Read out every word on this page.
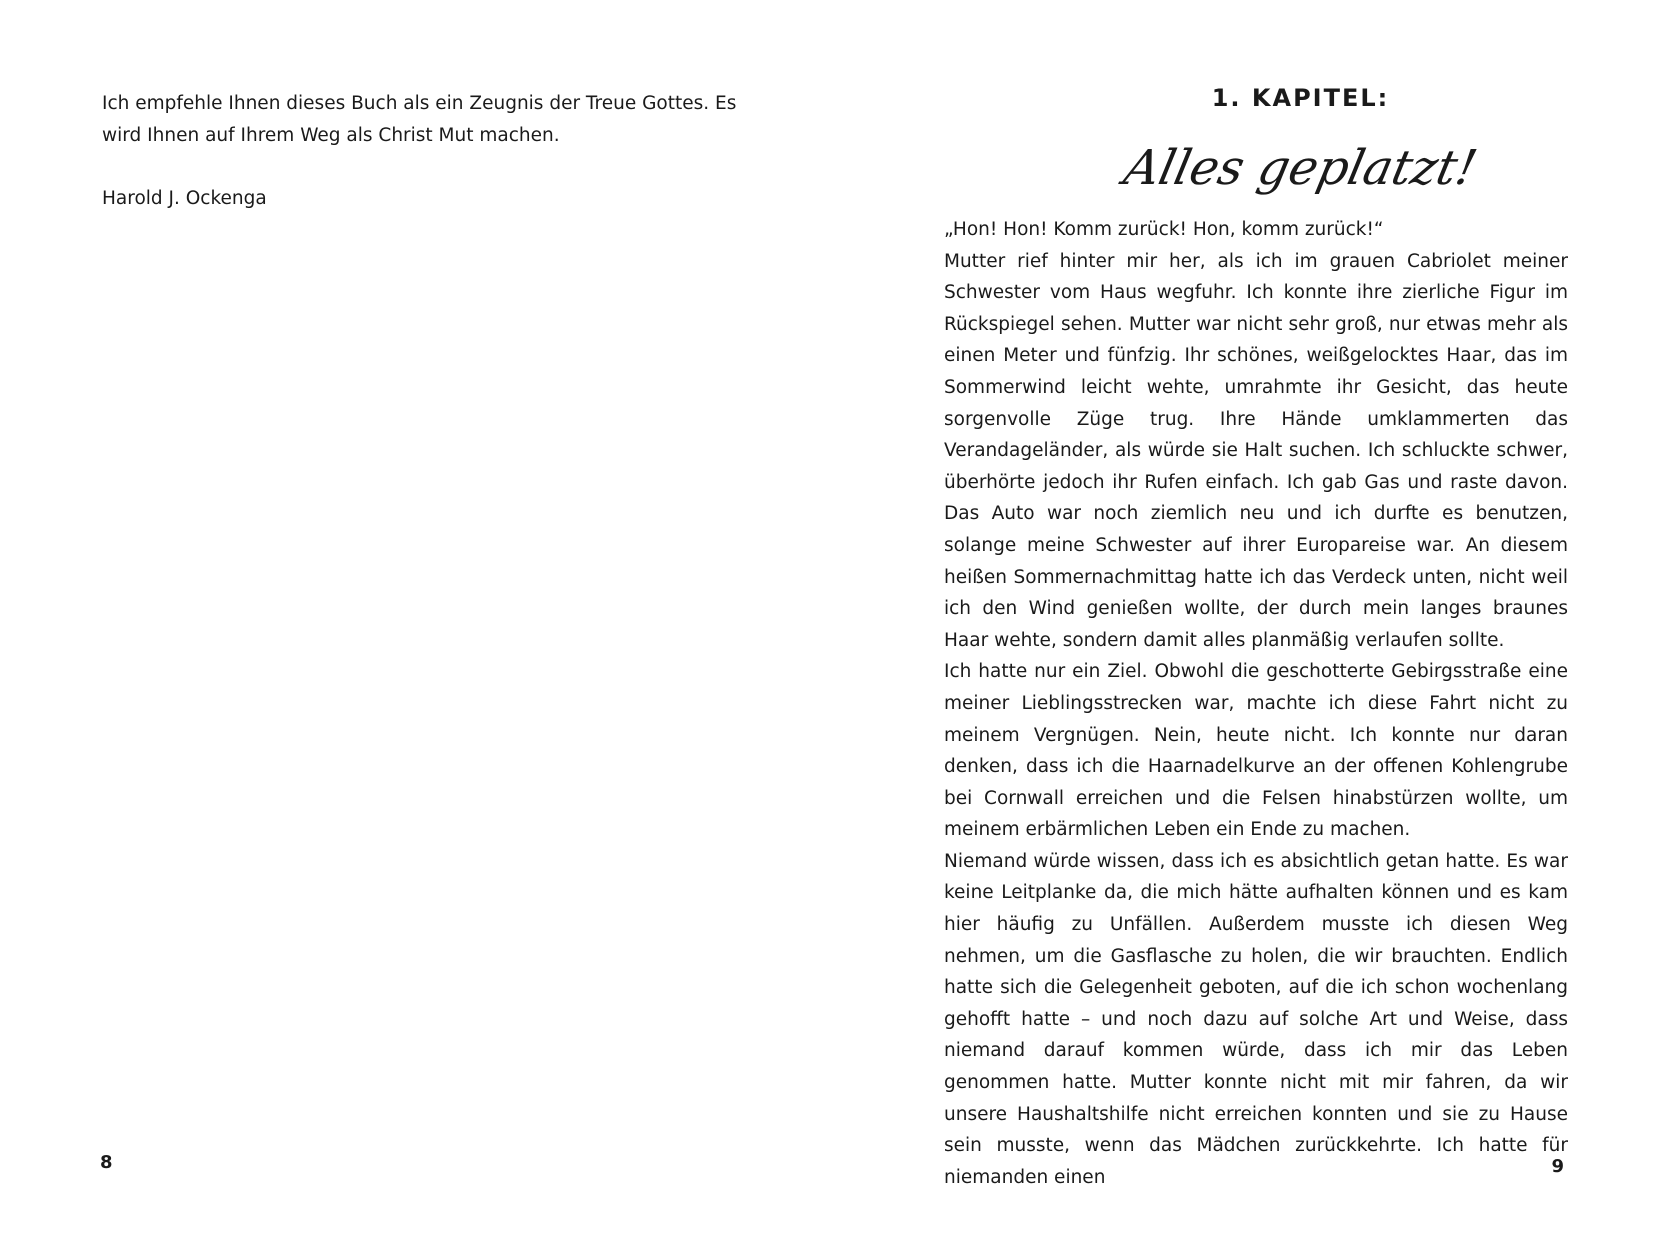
Ich empfehle Ihnen dieses Buch als ein Zeugnis der Treue Gottes. Es wird Ihnen auf Ihrem Weg als Christ Mut machen.

Harold J. Ockenga

8
1. KAPITEL:
Alles geplatzt!

„Hon! Hon! Komm zurück! Hon, komm zurück!“

Mutter rief hinter mir her, als ich im grauen Cabriolet meiner Schwester vom Haus wegfuhr. Ich konnte ihre zierliche Figur im Rückspiegel sehen. Mutter war nicht sehr groß, nur etwas mehr als einen Meter und fünfzig. Ihr schönes, weißgelocktes Haar, das im Sommerwind leicht wehte, umrahmte ihr Gesicht, das heute sorgenvolle Züge trug. Ihre Hände umklammerten das Verandageländer, als würde sie Halt suchen. Ich schluckte schwer, überhörte jedoch ihr Rufen einfach. Ich gab Gas und raste davon. Das Auto war noch ziemlich neu und ich durfte es benutzen, solange meine Schwester auf ihrer Europareise war. An diesem heißen Sommernachmittag hatte ich das Verdeck unten, nicht weil ich den Wind genießen wollte, der durch mein langes braunes Haar wehte, sondern damit alles planmäßig verlaufen sollte.

Ich hatte nur ein Ziel. Obwohl die geschotterte Gebirgsstraße eine meiner Lieblingsstrecken war, machte ich diese Fahrt nicht zu meinem Vergnügen. Nein, heute nicht. Ich konnte nur daran denken, dass ich die Haarnadelkurve an der offenen Kohlengrube bei Cornwall erreichen und die Felsen hinabstürzen wollte, um meinem erbärmlichen Leben ein Ende zu machen.

Niemand würde wissen, dass ich es absichtlich getan hatte. Es war keine Leitplanke da, die mich hätte aufhalten können und es kam hier häufig zu Unfällen. Außerdem musste ich diesen Weg nehmen, um die Gasflasche zu holen, die wir brauchten. Endlich hatte sich die Gelegenheit geboten, auf die ich schon wochenlang gehofft hatte – und noch dazu auf solche Art und Weise, dass niemand darauf kommen würde, dass ich mir das Leben genommen hatte. Mutter konnte nicht mit mir fahren, da wir unsere Haushaltshilfe nicht erreichen konnten und sie zu Hause sein musste, wenn das Mädchen zurückkehrte. Ich hatte für niemanden einen

9
